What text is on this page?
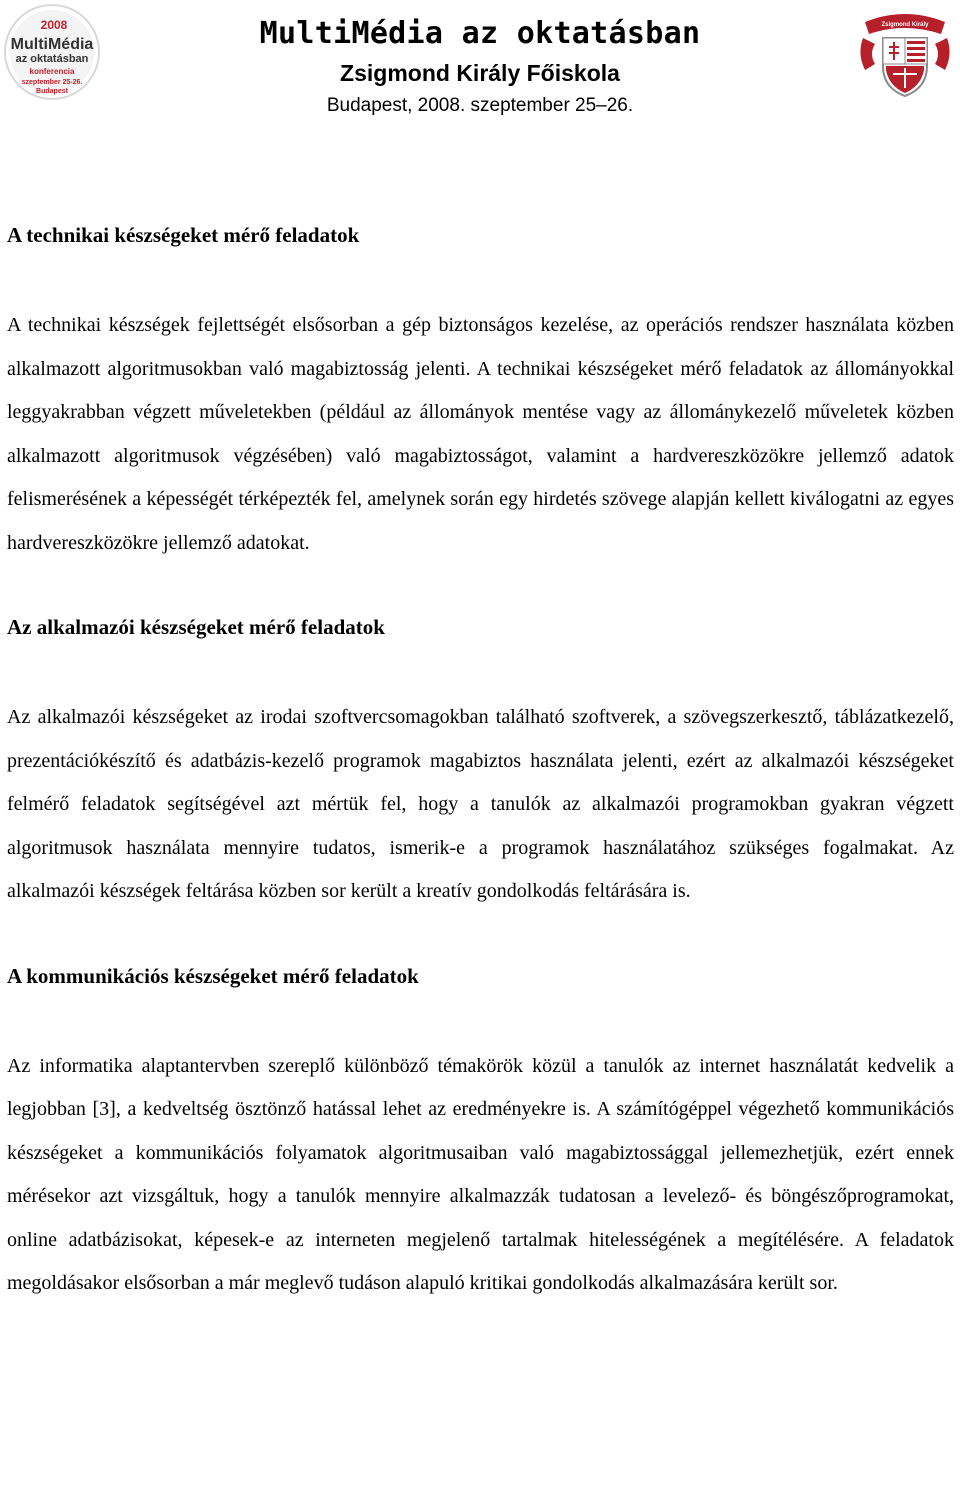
2008
MultiMédia
az oktatásban
konferencia
szeptember 25-26.
Budapest
MultiMédia az oktatásban
Zsigmond Király Főiskola
Budapest, 2008. szeptember 25–26.
Zsigmond Király
Főiskola
A technikai készségeket mérő feladatok

A technikai készségek fejlettségét elsősorban a gép biztonságos kezelése, az operációs rendszer használata közben alkalmazott algoritmusokban való magabiztosság jelenti. A technikai készségeket mérő feladatok az állományokkal leggyakrabban végzett műveletekben (például az állományok mentése vagy az állománykezelő műveletek közben alkalmazott algoritmusok végzésében) való magabiztosságot, valamint a hardvereszközökre jellemző adatok felismerésének a képességét térképezték fel, amelynek során egy hirdetés szövege alapján kellett kiválogatni az egyes hardvereszközökre jellemző adatokat.

Az alkalmazói készségeket mérő feladatok

Az alkalmazói készségeket az irodai szoftvercsomagokban található szoftverek, a szövegszerkesztő, táblázatkezelő, prezentációkészítő és adatbázis-kezelő programok magabiztos használata jelenti, ezért az alkalmazói készségeket felmérő feladatok segítségével azt mértük fel, hogy a tanulók az alkalmazói programokban gyakran végzett algoritmusok használata mennyire tudatos, ismerik-e a programok használatához szükséges fogalmakat. Az alkalmazói készségek feltárása közben sor került a kreatív gondolkodás feltárására is.

A kommunikációs készségeket mérő feladatok

Az informatika alaptantervben szereplő különböző témakörök közül a tanulók az internet használatát kedvelik a legjobban [3], a kedveltség ösztönző hatással lehet az eredményekre is. A számítógéppel végezhető kommunikációs készségeket a kommunikációs folyamatok algoritmusaiban való magabiztossággal jellemezhetjük, ezért ennek mérésekor azt vizsgáltuk, hogy a tanulók mennyire alkalmazzák tudatosan a levelező- és böngészőprogramokat, online adatbázisokat, képesek-e az interneten megjelenő tartalmak hitelességének a megítélésére. A feladatok megoldásakor elsősorban a már meglevő tudáson alapuló kritikai gondolkodás alkalmazására került sor.
